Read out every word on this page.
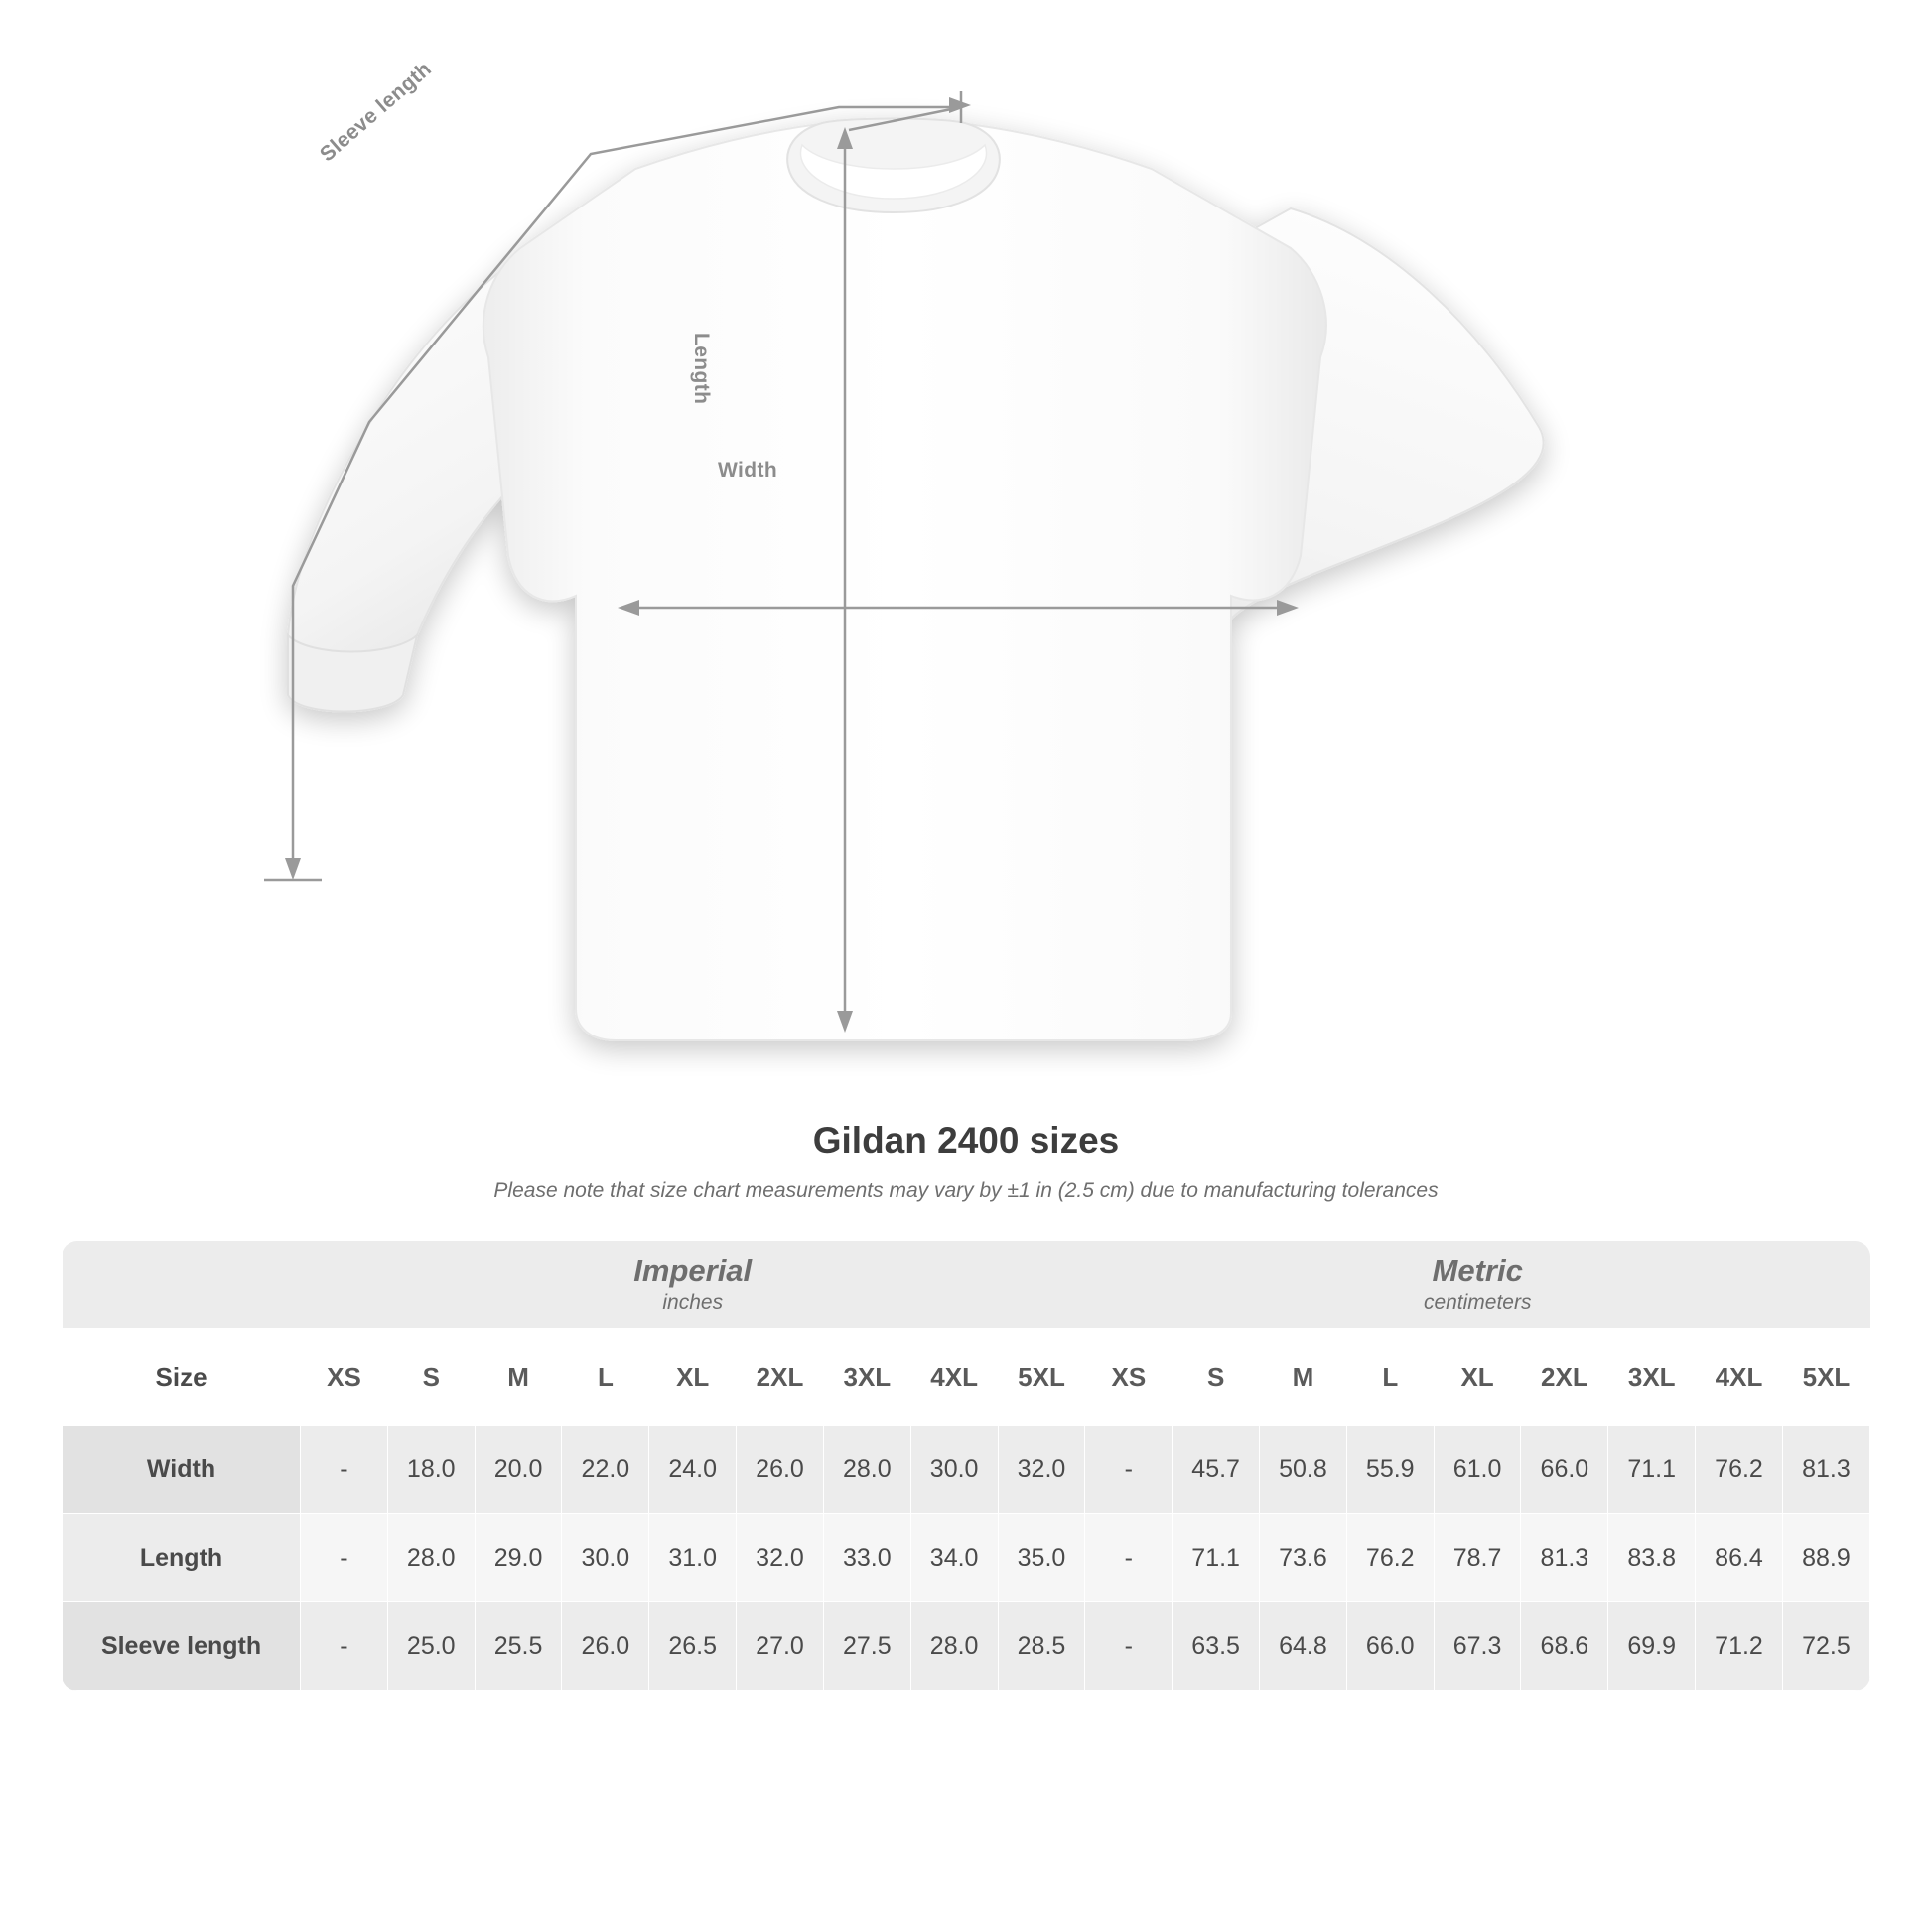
Sleeve length
Length
Width
Gildan 2400 sizes

Please note that size chart measurements may vary by ±1 in (2.5 cm) due to manufacturing tolerances

	Imperial
inches									Metric
centimeters								

Size	XS	S	M	L	XL	2XL	3XL	4XL	5XL	XS	S	M	L	XL	2XL	3XL	4XL	5XL
Width	-	18.0	20.0	22.0	24.0	26.0	28.0	30.0	32.0	-	45.7	50.8	55.9	61.0	66.0	71.1	76.2	81.3
Length	-	28.0	29.0	30.0	31.0	32.0	33.0	34.0	35.0	-	71.1	73.6	76.2	78.7	81.3	83.8	86.4	88.9
Sleeve length	-	25.0	25.5	26.0	26.5	27.0	27.5	28.0	28.5	-	63.5	64.8	66.0	67.3	68.6	69.9	71.2	72.5
